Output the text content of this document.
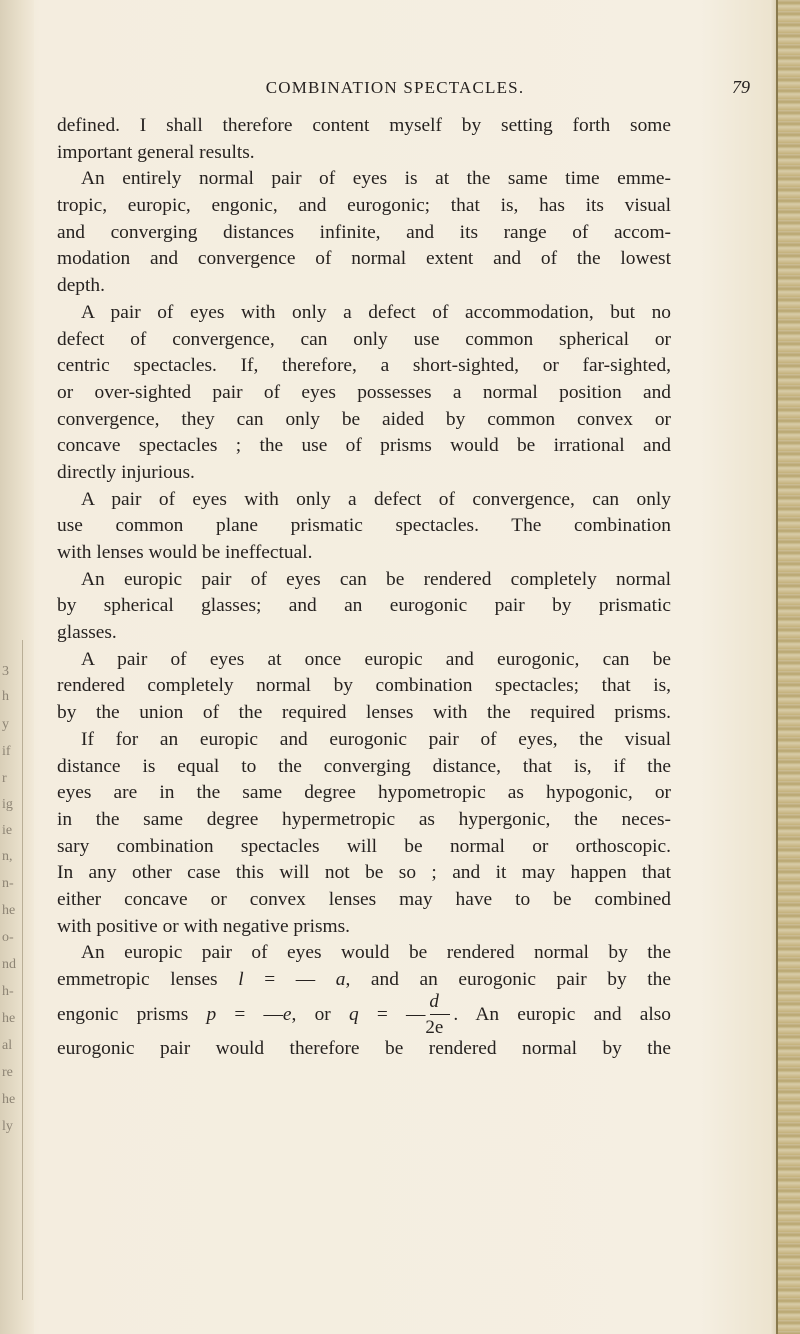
3
h
y
if
r
ig
ie
n,
n-
he
o-
nd
h-
he
al
re
he
ly
COMBINATION SPECTACLES.	79
defined. I shall therefore content myself by setting forth some
important general results.
An entirely normal pair of eyes is at the same time emme-
tropic, europic, engonic, and eurogonic; that is, has its visual
and converging distances infinite, and its range of accom-
modation and convergence of normal extent and of the lowest
depth.
A pair of eyes with only a defect of accommodation, but no
defect of convergence, can only use common spherical or
centric spectacles. If, therefore, a short-sighted, or far-sighted,
or over-sighted pair of eyes possesses a normal position and
convergence, they can only be aided by common convex or
concave spectacles ; the use of prisms would be irrational and
directly injurious.
A pair of eyes with only a defect of convergence, can only
use common plane prismatic spectacles. The combination
with lenses would be ineffectual.
An europic pair of eyes can be rendered completely normal
by spherical glasses; and an eurogonic pair by prismatic
glasses.
A pair of eyes at once europic and eurogonic, can be
rendered completely normal by combination spectacles; that is,
by the union of the required lenses with the required prisms.
If for an europic and eurogonic pair of eyes, the visual
distance is equal to the converging distance, that is, if the
eyes are in the same degree hypometropic as hypogonic, or
in the same degree hypermetropic as hypergonic, the neces-
sary combination spectacles will be normal or orthoscopic.
In any other case this will not be so ; and it may happen that
either concave or convex lenses may have to be combined
with positive or with negative prisms.
An europic pair of eyes would be rendered normal by the
emmetropic lenses l = — a, and an eurogonic pair by the
engonic prisms p = —e, or q = —
$\frac{d}{2e}$
. An europic and also
eurogonic pair would therefore be rendered normal by the
